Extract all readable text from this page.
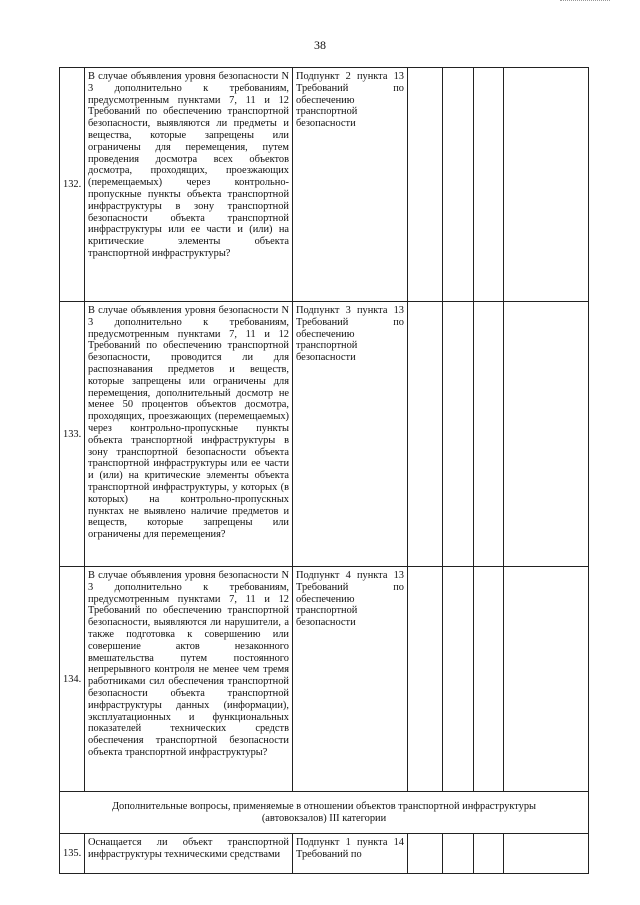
38
132.	В случае объявления уровня безопасности N 3 дополнительно к требованиям, предусмотренным пунктами 7, 11 и 12 Требований по обеспечению транспортной безопасности, выявляются ли предметы и вещества, которые запрещены или ограничены для перемещения, путем проведения досмотра всех объектов досмотра, проходящих, проезжающих (перемещаемых) через контрольно-пропускные пункты объекта транспортной инфраструктуры в зону транспортной безопасности объекта транспортной инфраструктуры или ее части и (или) на критические элементы объекта транспортной инфраструктуры?	Подпункт 2 пункта 13 Требований по обеспечению транспортной безопасности				
133.	В случае объявления уровня безопасности N 3 дополнительно к требованиям, предусмотренным пунктами 7, 11 и 12 Требований по обеспечению транспортной безопасности, проводится ли для распознавания предметов и веществ, которые запрещены или ограничены для перемещения, дополнительный досмотр не менее 50 процентов объектов досмотра, проходящих, проезжающих (перемещаемых) через контрольно-пропускные пункты объекта транспортной инфраструктуры в зону транспортной безопасности объекта транспортной инфраструктуры или ее части и (или) на критические элементы объекта транспортной инфраструктуры, у которых (в которых) на контрольно-пропускных пунктах не выявлено наличие предметов и веществ, которые запрещены или ограничены для перемещения?	Подпункт 3 пункта 13 Требований по обеспечению транспортной безопасности				
134.	В случае объявления уровня безопасности N 3 дополнительно к требованиям, предусмотренным пунктами 7, 11 и 12 Требований по обеспечению транспортной безопасности, выявляются ли нарушители, а также подготовка к совершению или совершение актов незаконного вмешательства путем постоянного непрерывного контроля не менее чем тремя работниками сил обеспечения транспортной безопасности объекта транспортной инфраструктуры данных (информации), эксплуатационных и функциональных показателей технических средств обеспечения транспортной безопасности объекта транспортной инфраструктуры?	Подпункт 4 пункта 13 Требований по обеспечению транспортной безопасности				
Дополнительные вопросы, применяемые в отношении объектов транспортной инфраструктуры (автовокзалов) III категории						
135.	Оснащается ли объект транспортной инфраструктуры техническими средствами	Подпункт 1 пункта 14 Требований по				
